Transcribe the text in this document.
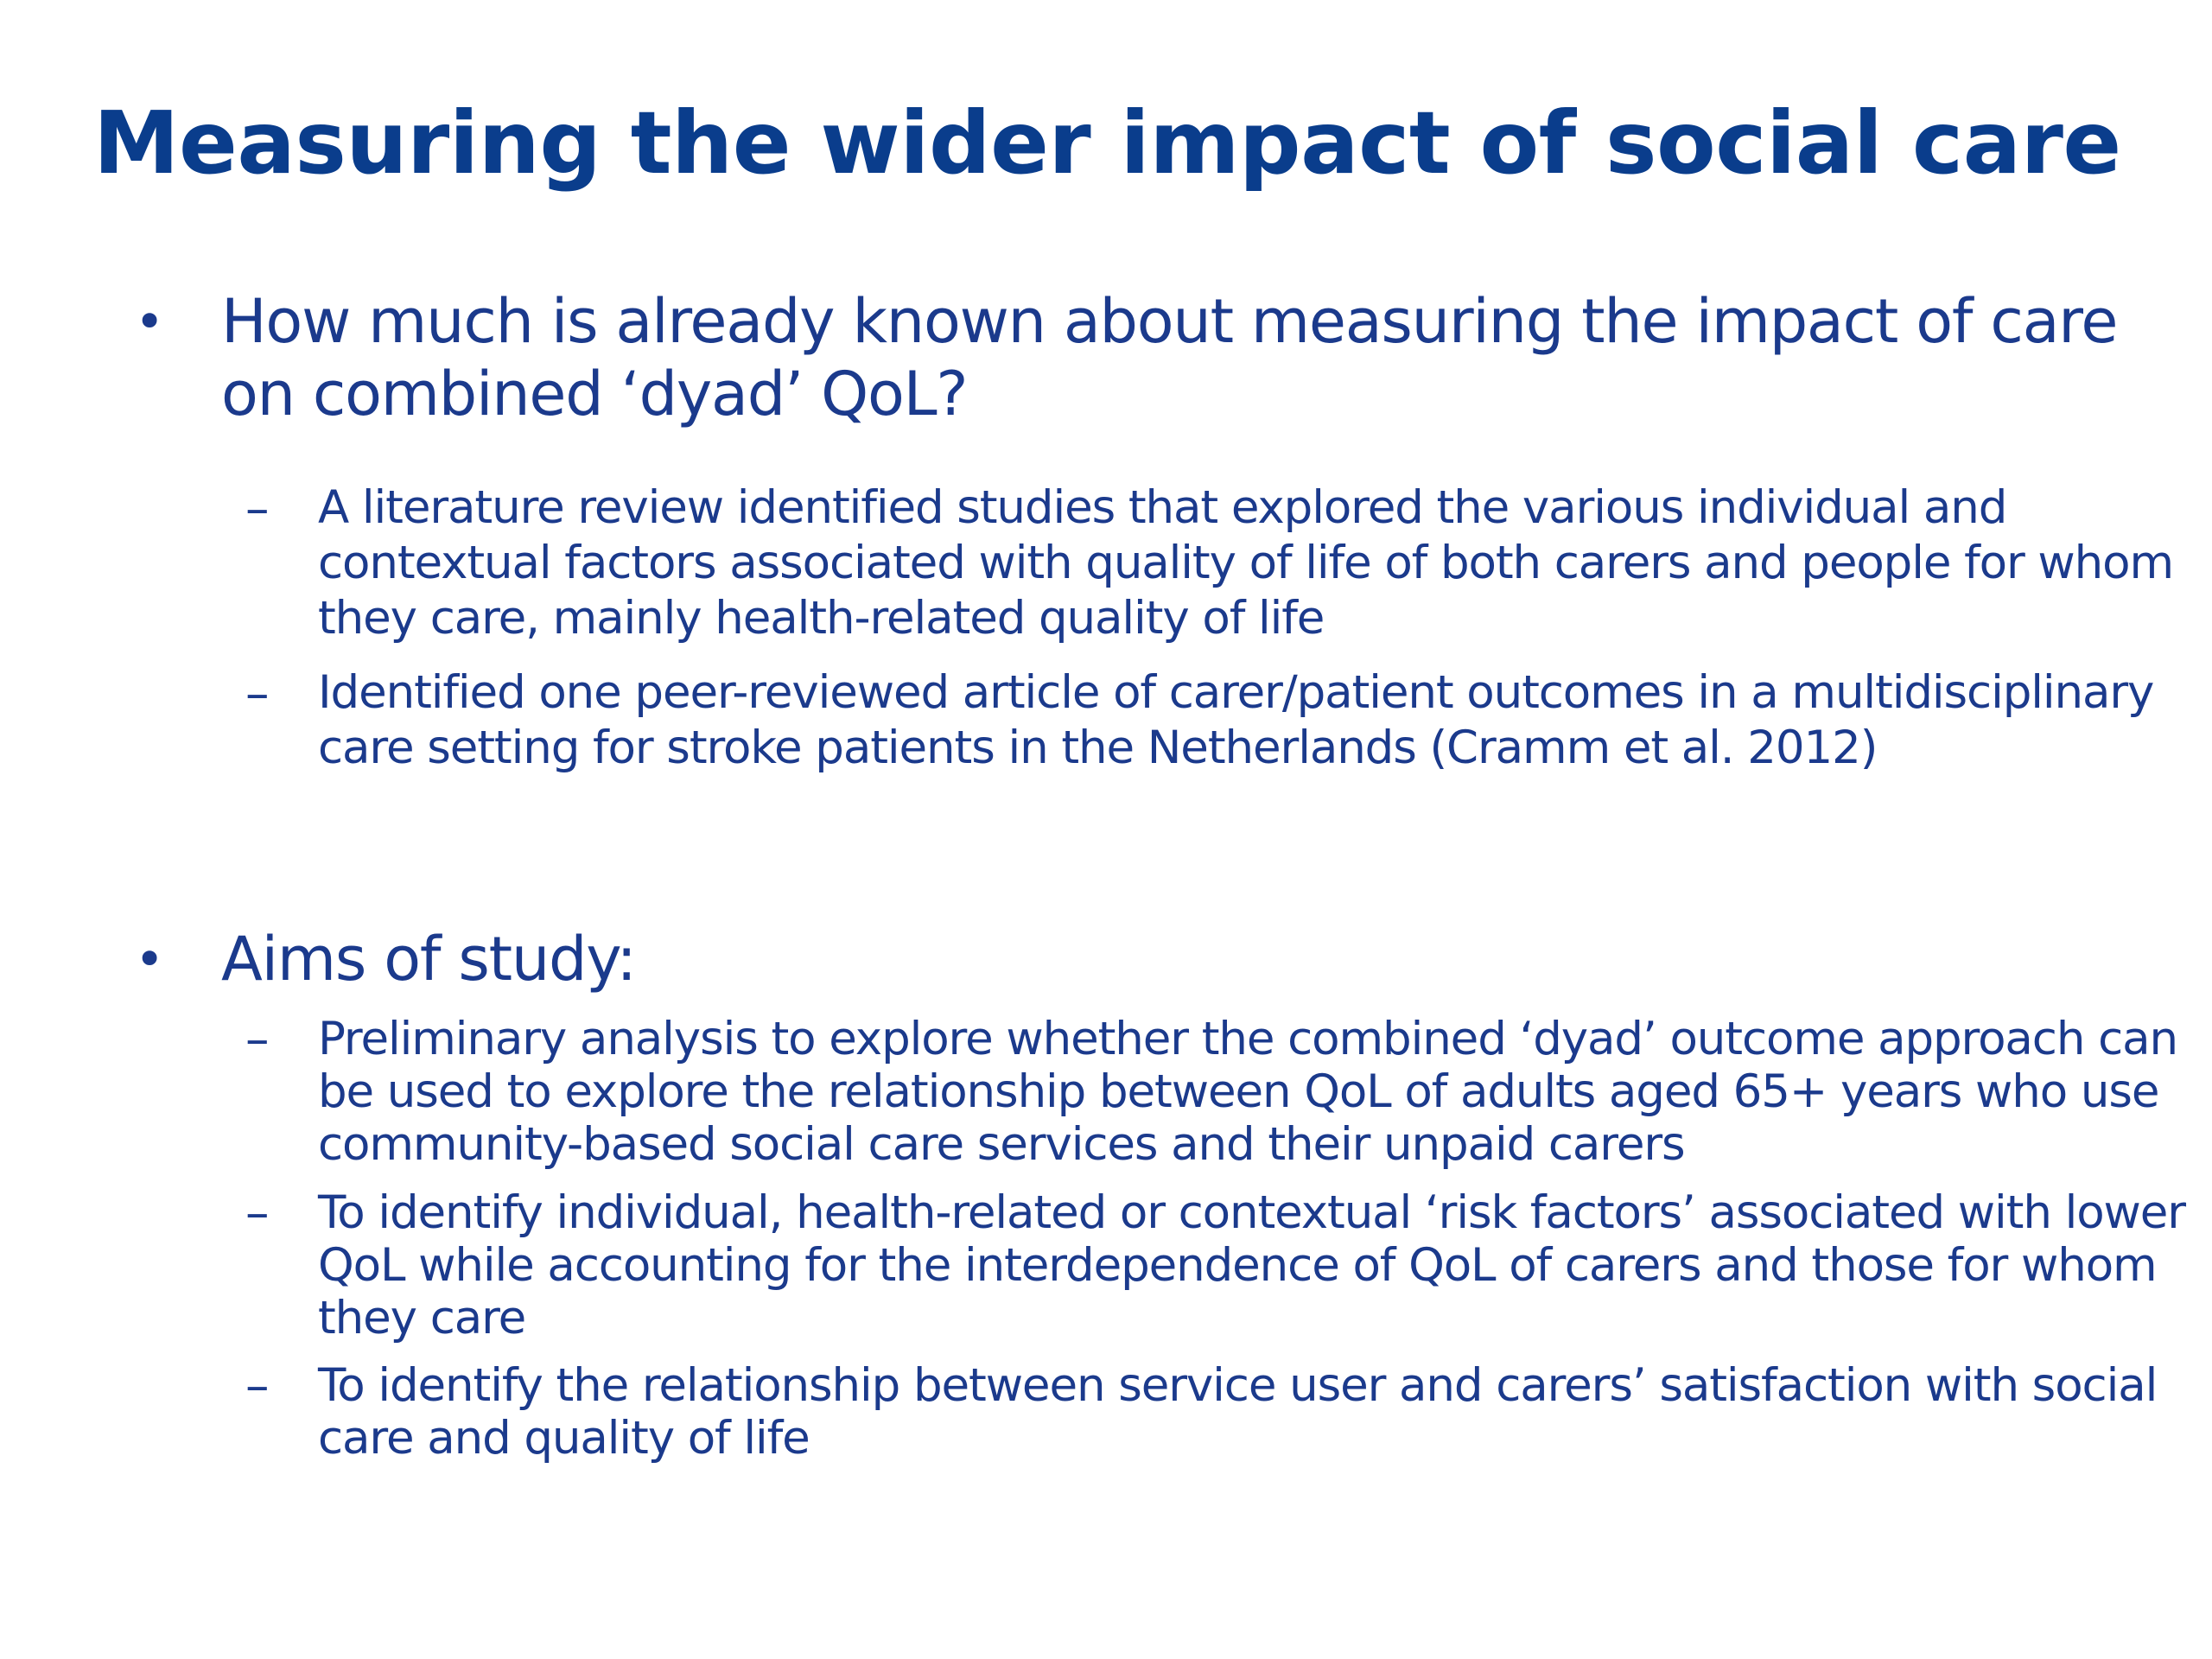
Measuring the wider impact of social care
• How much is already known about measuring the impact of care on combined ‘dyad’ QoL?
– A literature review identified studies that explored the various individual and contextual factors associated with quality of life of both carers and people for whom they care, mainly health-related quality of life
– Identified one peer-reviewed article of carer/patient outcomes in a multidisciplinary care setting for stroke patients in the Netherlands (Cramm et al. 2012)
• Aims of study:
– Preliminary analysis to explore whether the combined ‘dyad’ outcome approach can be used to explore the relationship between QoL of adults aged 65+ years who use community-based social care services and their unpaid carers
– To identify individual, health-related or contextual ‘risk factors’ associated with lower QoL while accounting for the interdependence of QoL of carers and those for whom they care
– To identify the relationship between service user and carers’ satisfaction with social care and quality of life
